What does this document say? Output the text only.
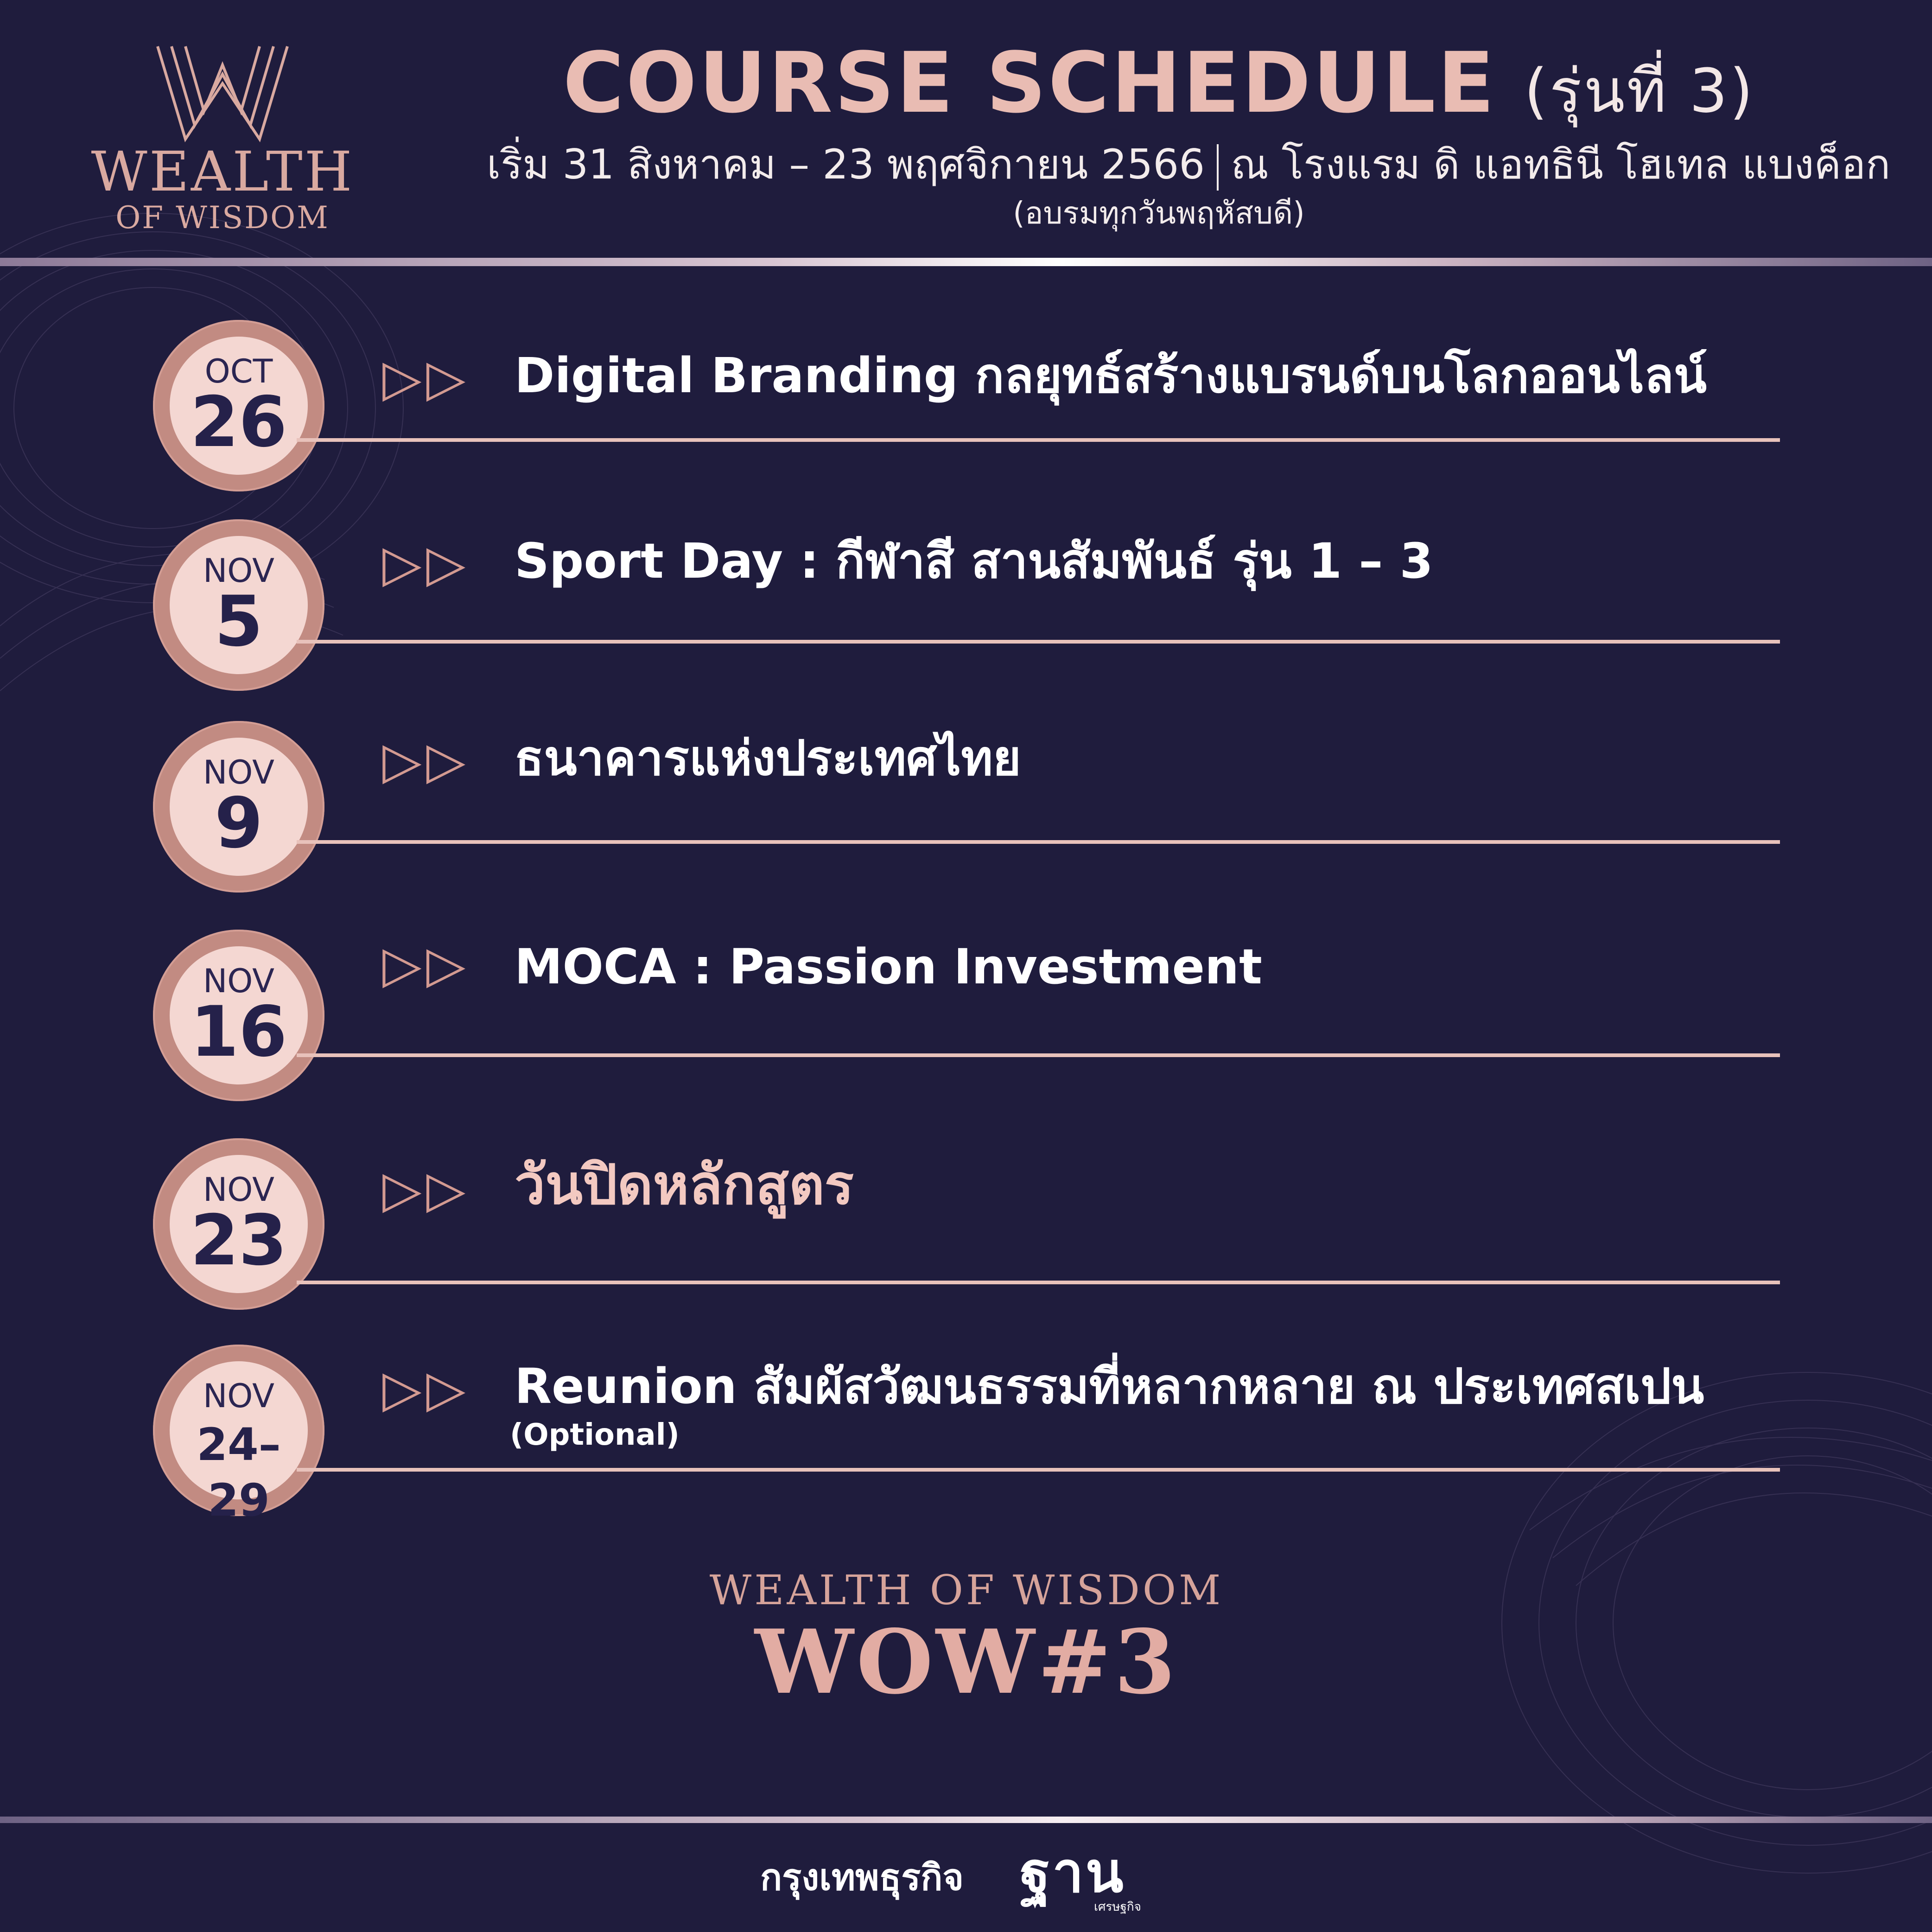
WEALTH
OF WISDOM
COURSE SCHEDULE (รุ่นที่ 3)
เริ่ม 31 สิงหาคม – 23 พฤศจิกายน 2566 ณ โรงแรม ดิ แอทธินี โฮเทล แบงค็อก
(อบรมทุกวันพฤหัสบดี)
OCT
26
▷▷ Digital Branding กลยุทธ์สร้างแบรนด์บนโลกออนไลน์
NOV
5
▷▷ Sport Day : กีฬาสี สานสัมพันธ์ รุ่น 1 – 3
NOV
9
▷▷ ธนาคารแห่งประเทศไทย
NOV
16
▷▷ MOCA : Passion Investment
NOV
23
▷▷ วันปิดหลักสูตร
NOV
24–29
▷▷ Reunion สัมผัสวัฒนธรรมที่หลากหลาย ณ ประเทศสเปน
(Optional)
WEALTH OF WISDOM
WOW#3
กรุงเทพธุรกิจ ฐาน
เศรษฐกิจ
